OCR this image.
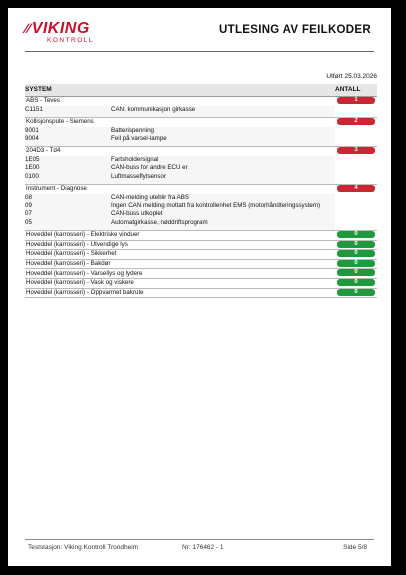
⁄⁄VIKING
KONTROLL
UTLESING AV FEILKODER
Utført 25.03.2026
SYSTEM		ANTALL
ABS - Teves		1
C1151	CAN: kommunikasjon girkasse	

Kollisjonspute - Siemens		2
9001	Batterispenning	
9004	Feil på varsel-lampe	

204D3 - Td4		3
1E05	Fartsholdersignal	
1E00	CAN-buss for andre ECU er	
0100	Luftmasseflytsensor	

Instrument - Diagnose		4
08	CAN-melding uteblir fra ABS	
09	Ingen CAN melding mottatt fra kontrollenhet EMS (motorhåndteringssystem)	
07	CAN-buss utkoplet	
05	Automatgirkasse, nøddriftsprogram	

Hoveddel (karrosseri) - Elektriske vinduer		0
Hoveddel (karrosseri) - Utvendige lys		0
Hoveddel (karrosseri) - Sikkerhet		0
Hoveddel (karrosseri) - Bakdør		0
Hoveddel (karrosseri) - Varsellys og lydere		0
Hoveddel (karrosseri) - Vask og viskere		0
Hoveddel (karrosseri) - Oppvarmet bakrute		0
Teststasjon: Viking Kontroll Trondheim	Nr: 176462 - 1	Side 5/8
